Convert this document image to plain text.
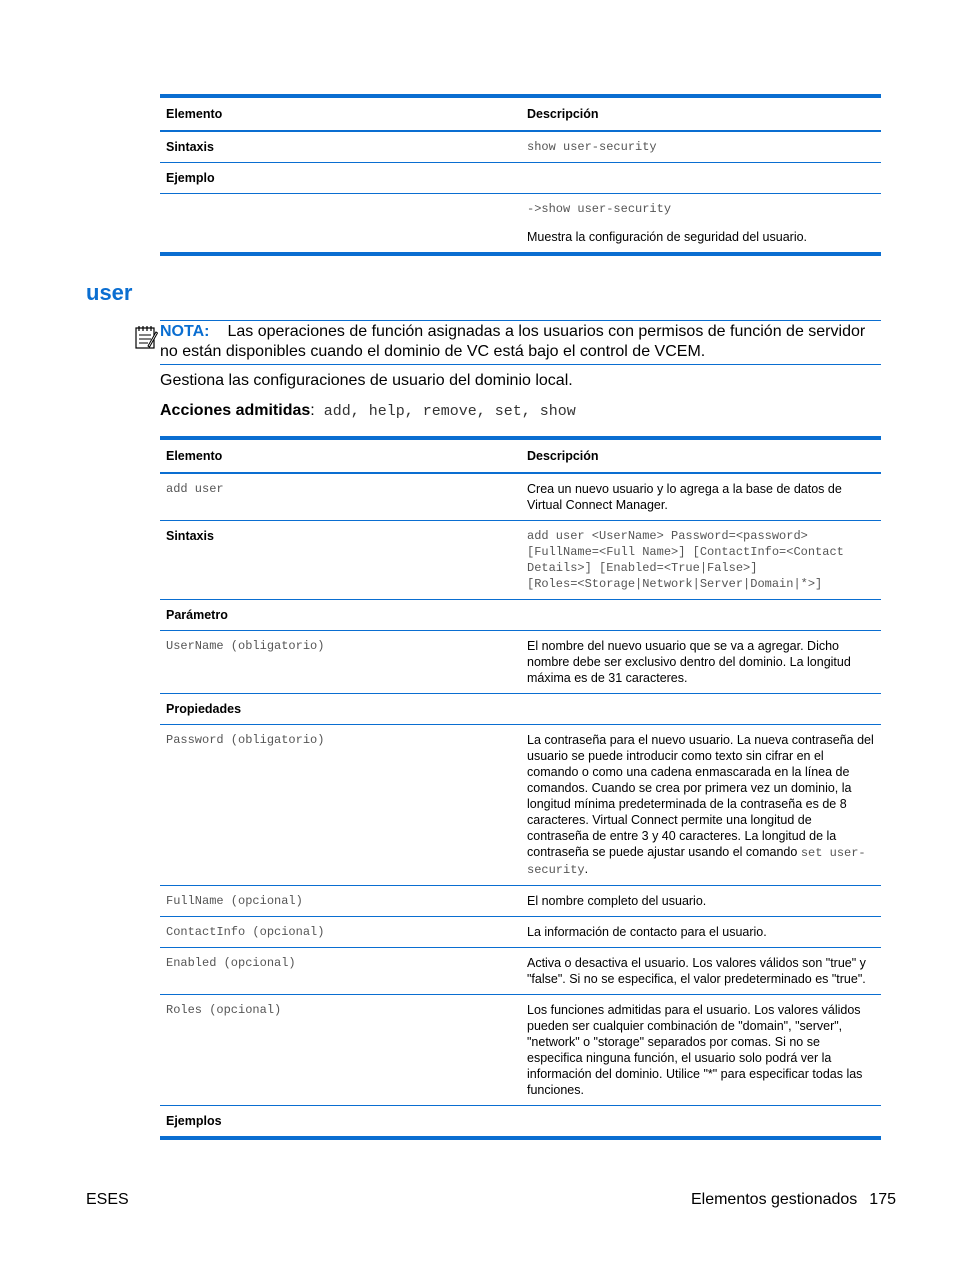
Elemento	Descripción
Sintaxis	show user-security
Ejemplo	

	->show user-security
Muestra la configuración de seguridad del usuario.
user
NOTA: Las operaciones de función asignadas a los usuarios con permisos de función de servidor no están disponibles cuando el dominio de VC está bajo el control de VCEM.
Gestiona las configuraciones de usuario del dominio local.
Acciones admitidas: add, help, remove, set, show
Elemento	Descripción
add user	Crea un nuevo usuario y lo agrega a la base de datos de Virtual Connect Manager.
Sintaxis	add user <UserName> Password=<password>
[FullName=<Full Name>] [ContactInfo=<Contact
Details>] [Enabled=<True|False>]
[Roles=<Storage|Network|Server|Domain|*>]

Parámetro	
UserName (obligatorio)	El nombre del nuevo usuario que se va a agregar. Dicho nombre debe ser exclusivo dentro del dominio. La longitud máxima es de 31 caracteres.
Propiedades	
Password (obligatorio)	La contraseña para el nuevo usuario. La nueva contraseña del usuario se puede introducir como texto sin cifrar en el comando o como una cadena enmascarada en la línea de comandos. Cuando se crea por primera vez un dominio, la longitud mínima predeterminada de la contraseña es de 8 caracteres. Virtual Connect permite una longitud de contraseña de entre 3 y 40 caracteres. La longitud de la contraseña se puede ajustar usando el comando set user-security.
FullName (opcional)	El nombre completo del usuario.
ContactInfo (opcional)	La información de contacto para el usuario.
Enabled (opcional)	Activa o desactiva el usuario. Los valores válidos son "true" y "false". Si no se especifica, el valor predeterminado es "true".
Roles (opcional)	Los funciones admitidas para el usuario. Los valores válidos pueden ser cualquier combinación de "domain", "server", "network" o "storage" separados por comas. Si no se especifica ninguna función, el usuario solo podrá ver la información del dominio. Utilice "*" para especificar todas las funciones.
Ejemplos	
ESES	Elementos gestionados 175
